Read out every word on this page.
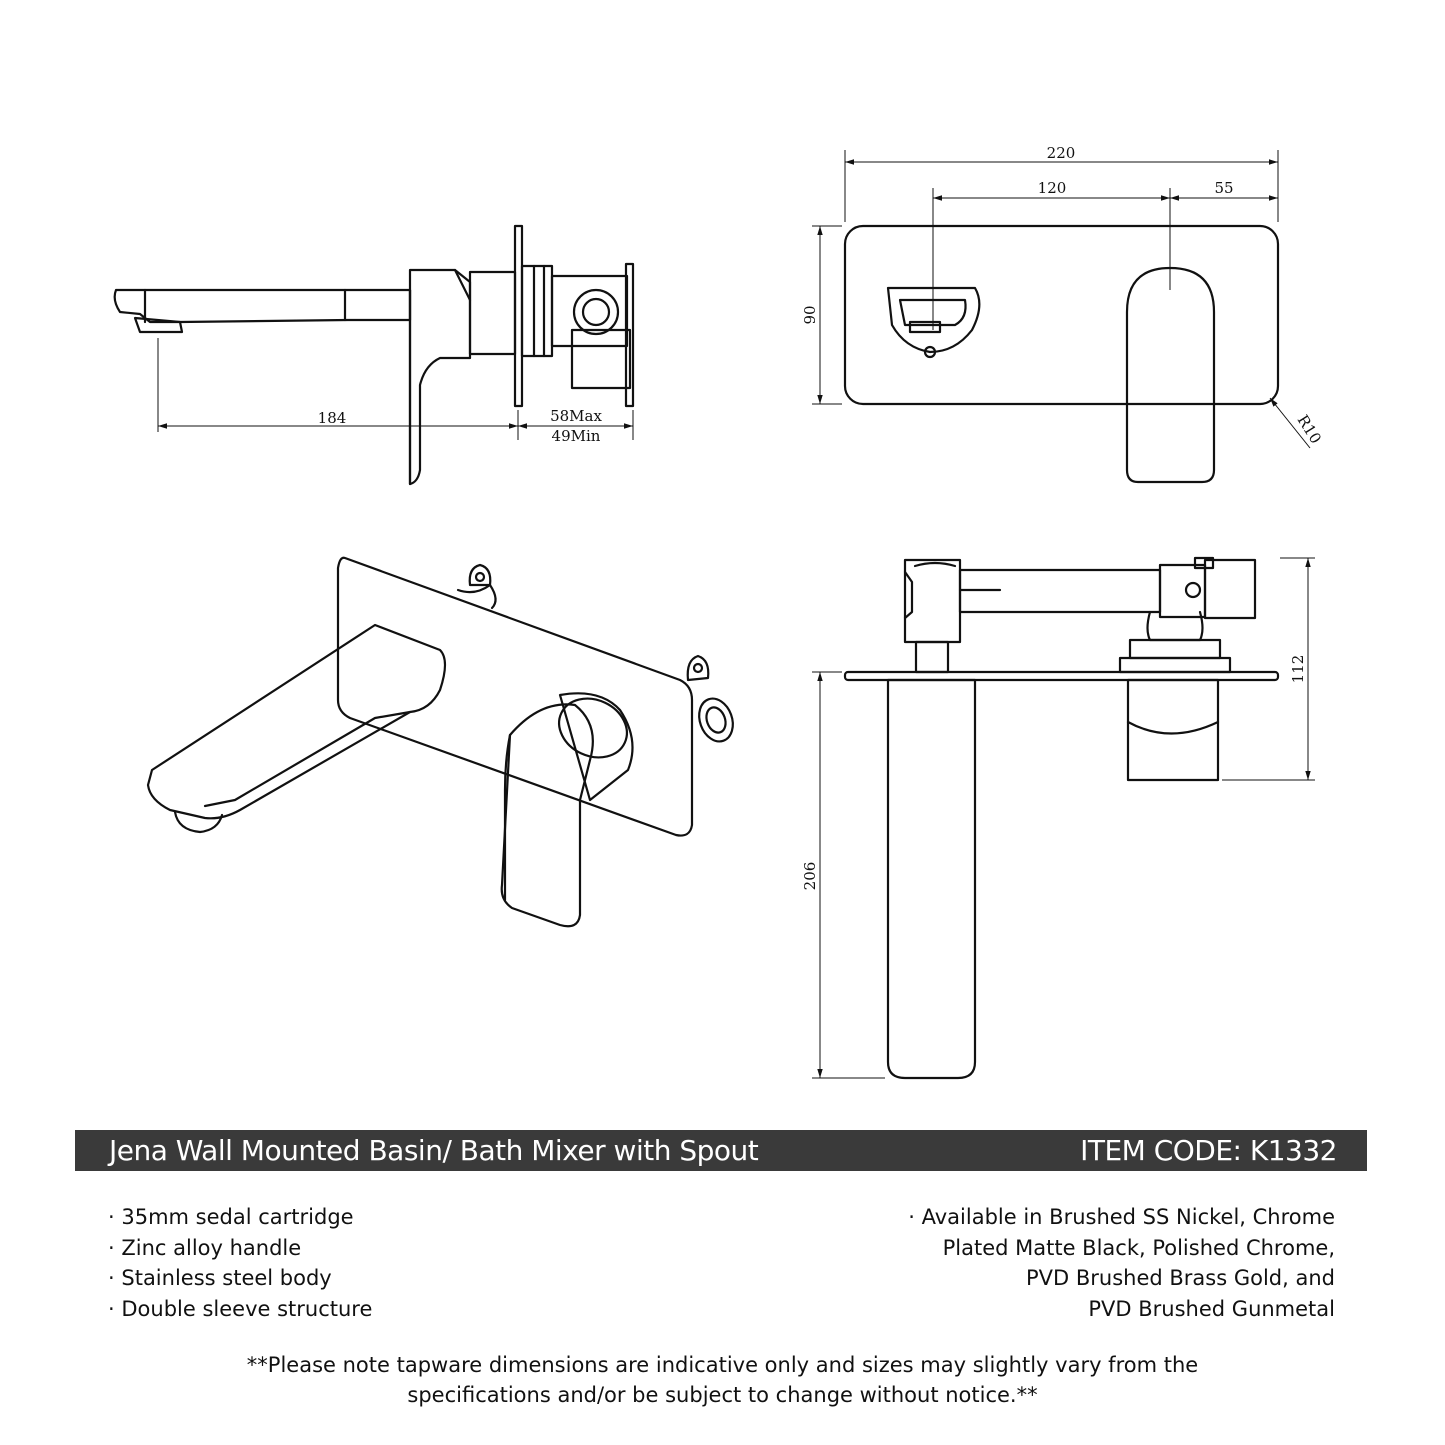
184	58Max
49Min
220
120	55
90
R10
112
206
Jena Wall Mounted Basin/ Bath Mixer with Spout	ITEM CODE: K1332
· 35mm sedal cartridge
· Zinc alloy handle
· Stainless steel body
· Double sleeve structure
· Available in Brushed SS Nickel, Chrome
Plated Matte Black, Polished Chrome,
PVD Brushed Brass Gold, and
PVD Brushed Gunmetal
**Please note tapware dimensions are indicative only and sizes may slightly vary from the
specifications and/or be subject to change without notice.**
